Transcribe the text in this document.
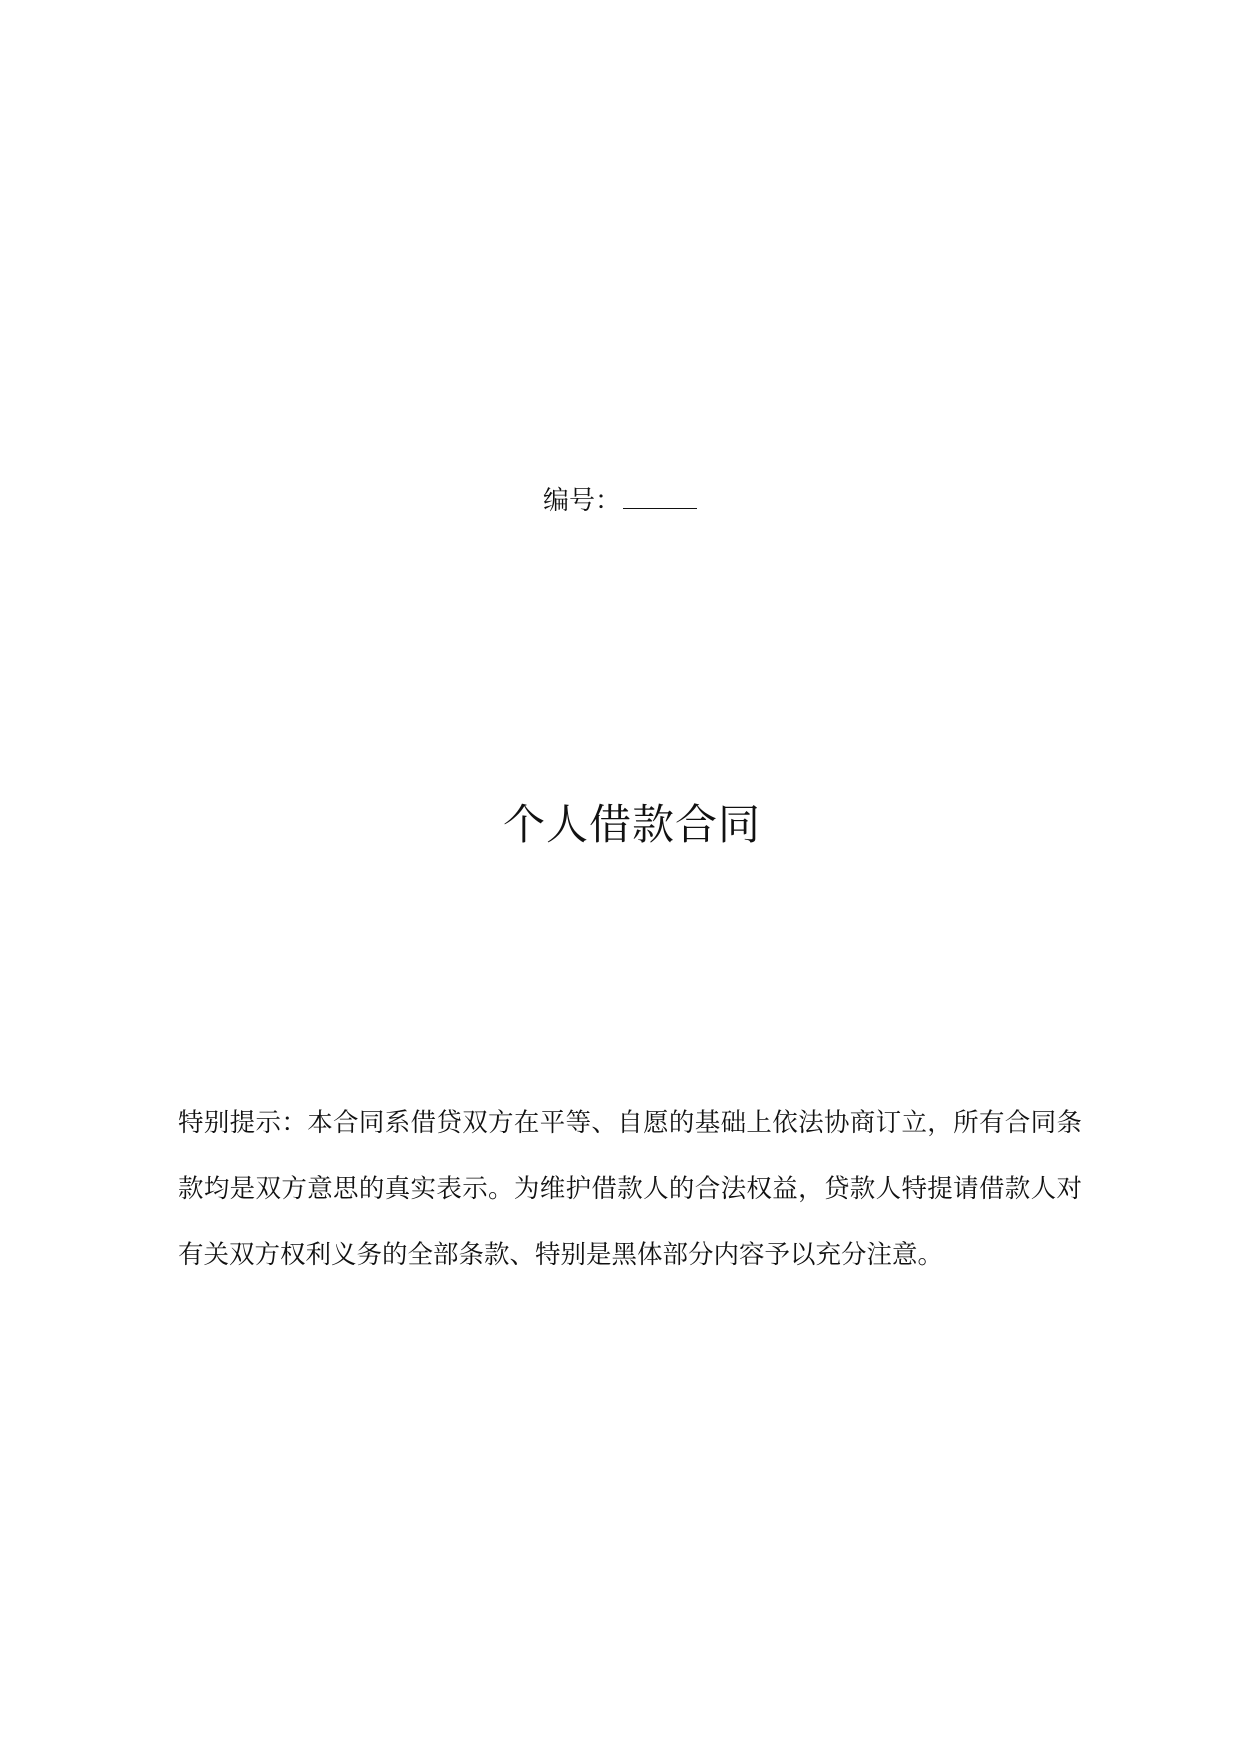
编号：
个人借款合同
特别提示：本合同系借贷双方在平等、自愿的基础上依法协商订立，所有合同条款均是双方意思的真实表示。为维护借款人的合法权益，贷款人特提请借款人对有关双方权利义务的全部条款、特别是黑体部分内容予以充分注意。
